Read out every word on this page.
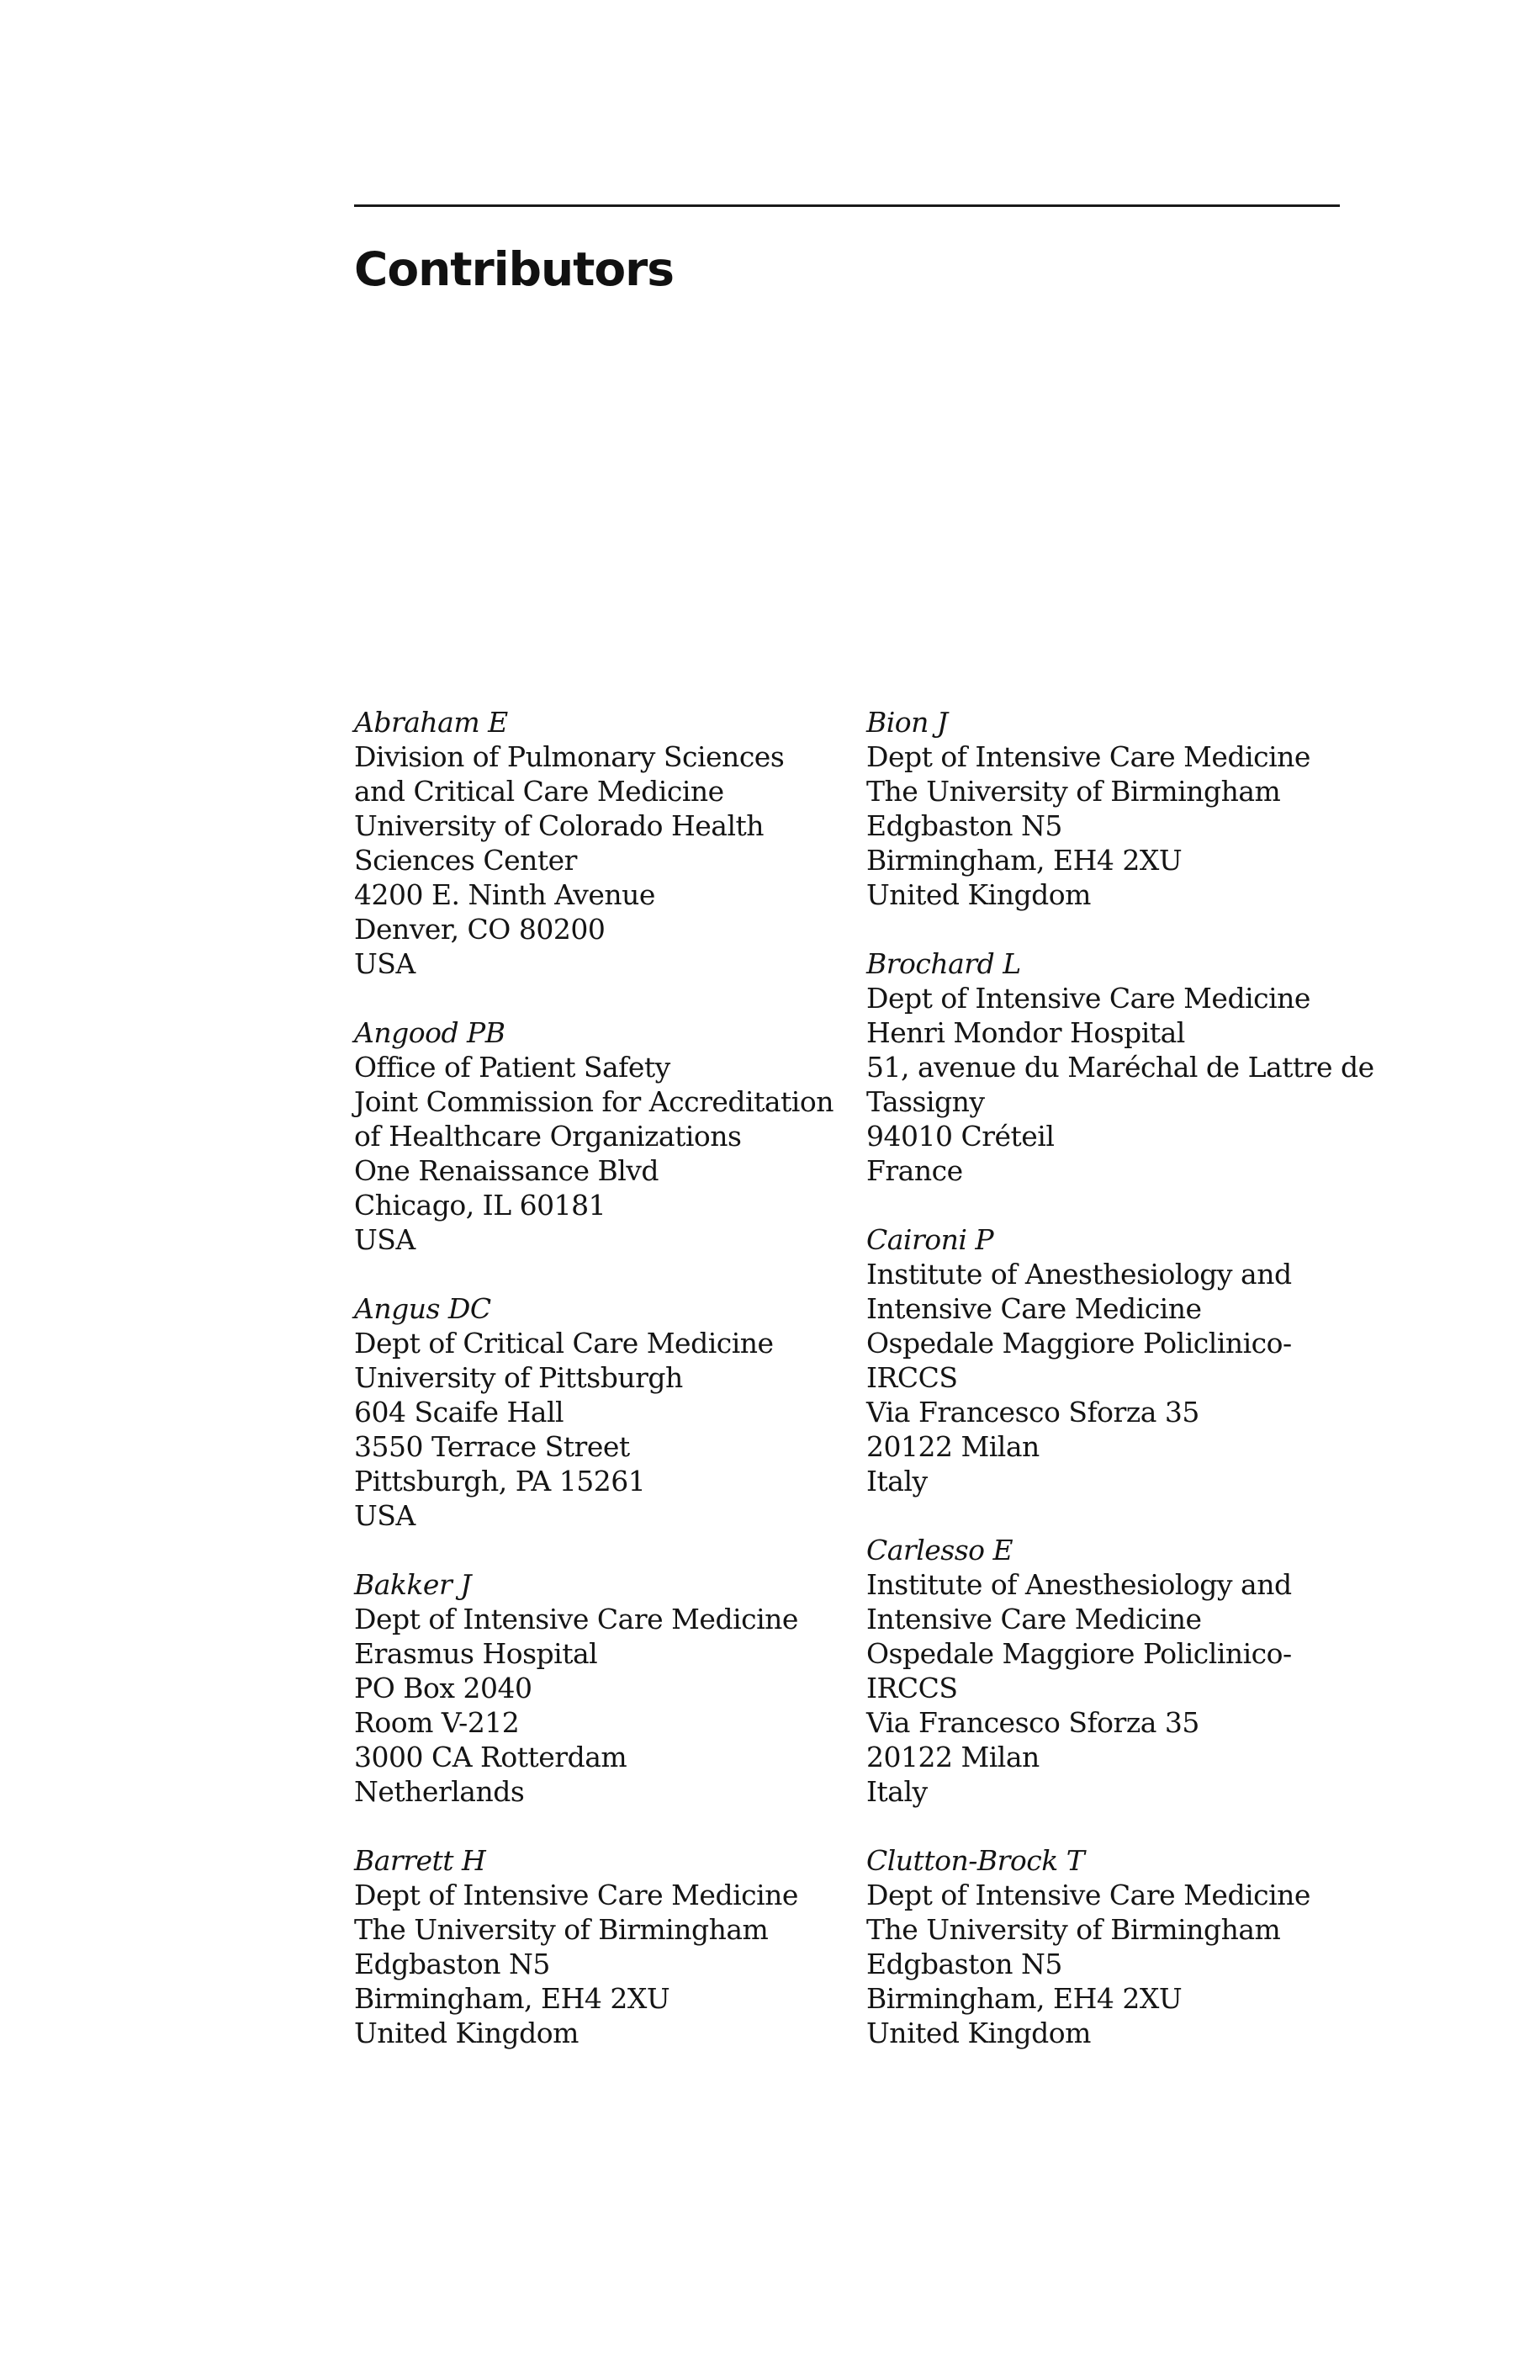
Contributors
Abraham E
Division of Pulmonary Sciences
and Critical Care Medicine
University of Colorado Health
Sciences Center
4200 E. Ninth Avenue
Denver, CO 80200
USA
Angood PB
Office of Patient Safety
Joint Commission for Accreditation
of Healthcare Organizations
One Renaissance Blvd
Chicago, IL 60181
USA
Angus DC
Dept of Critical Care Medicine
University of Pittsburgh
604 Scaife Hall
3550 Terrace Street
Pittsburgh, PA 15261
USA
Bakker J
Dept of Intensive Care Medicine
Erasmus Hospital
PO Box 2040
Room V-212
3000 CA Rotterdam
Netherlands
Barrett H
Dept of Intensive Care Medicine
The University of Birmingham
Edgbaston N5
Birmingham, EH4 2XU
United Kingdom
Bion J
Dept of Intensive Care Medicine
The University of Birmingham
Edgbaston N5
Birmingham, EH4 2XU
United Kingdom
Brochard L
Dept of Intensive Care Medicine
Henri Mondor Hospital
51, avenue du Maréchal de Lattre de
Tassigny
94010 Créteil
France
Caironi P
Institute of Anesthesiology and
Intensive Care Medicine
Ospedale Maggiore Policlinico-
IRCCS
Via Francesco Sforza 35
20122 Milan
Italy
Carlesso E
Institute of Anesthesiology and
Intensive Care Medicine
Ospedale Maggiore Policlinico-
IRCCS
Via Francesco Sforza 35
20122 Milan
Italy
Clutton-Brock T
Dept of Intensive Care Medicine
The University of Birmingham
Edgbaston N5
Birmingham, EH4 2XU
United Kingdom
